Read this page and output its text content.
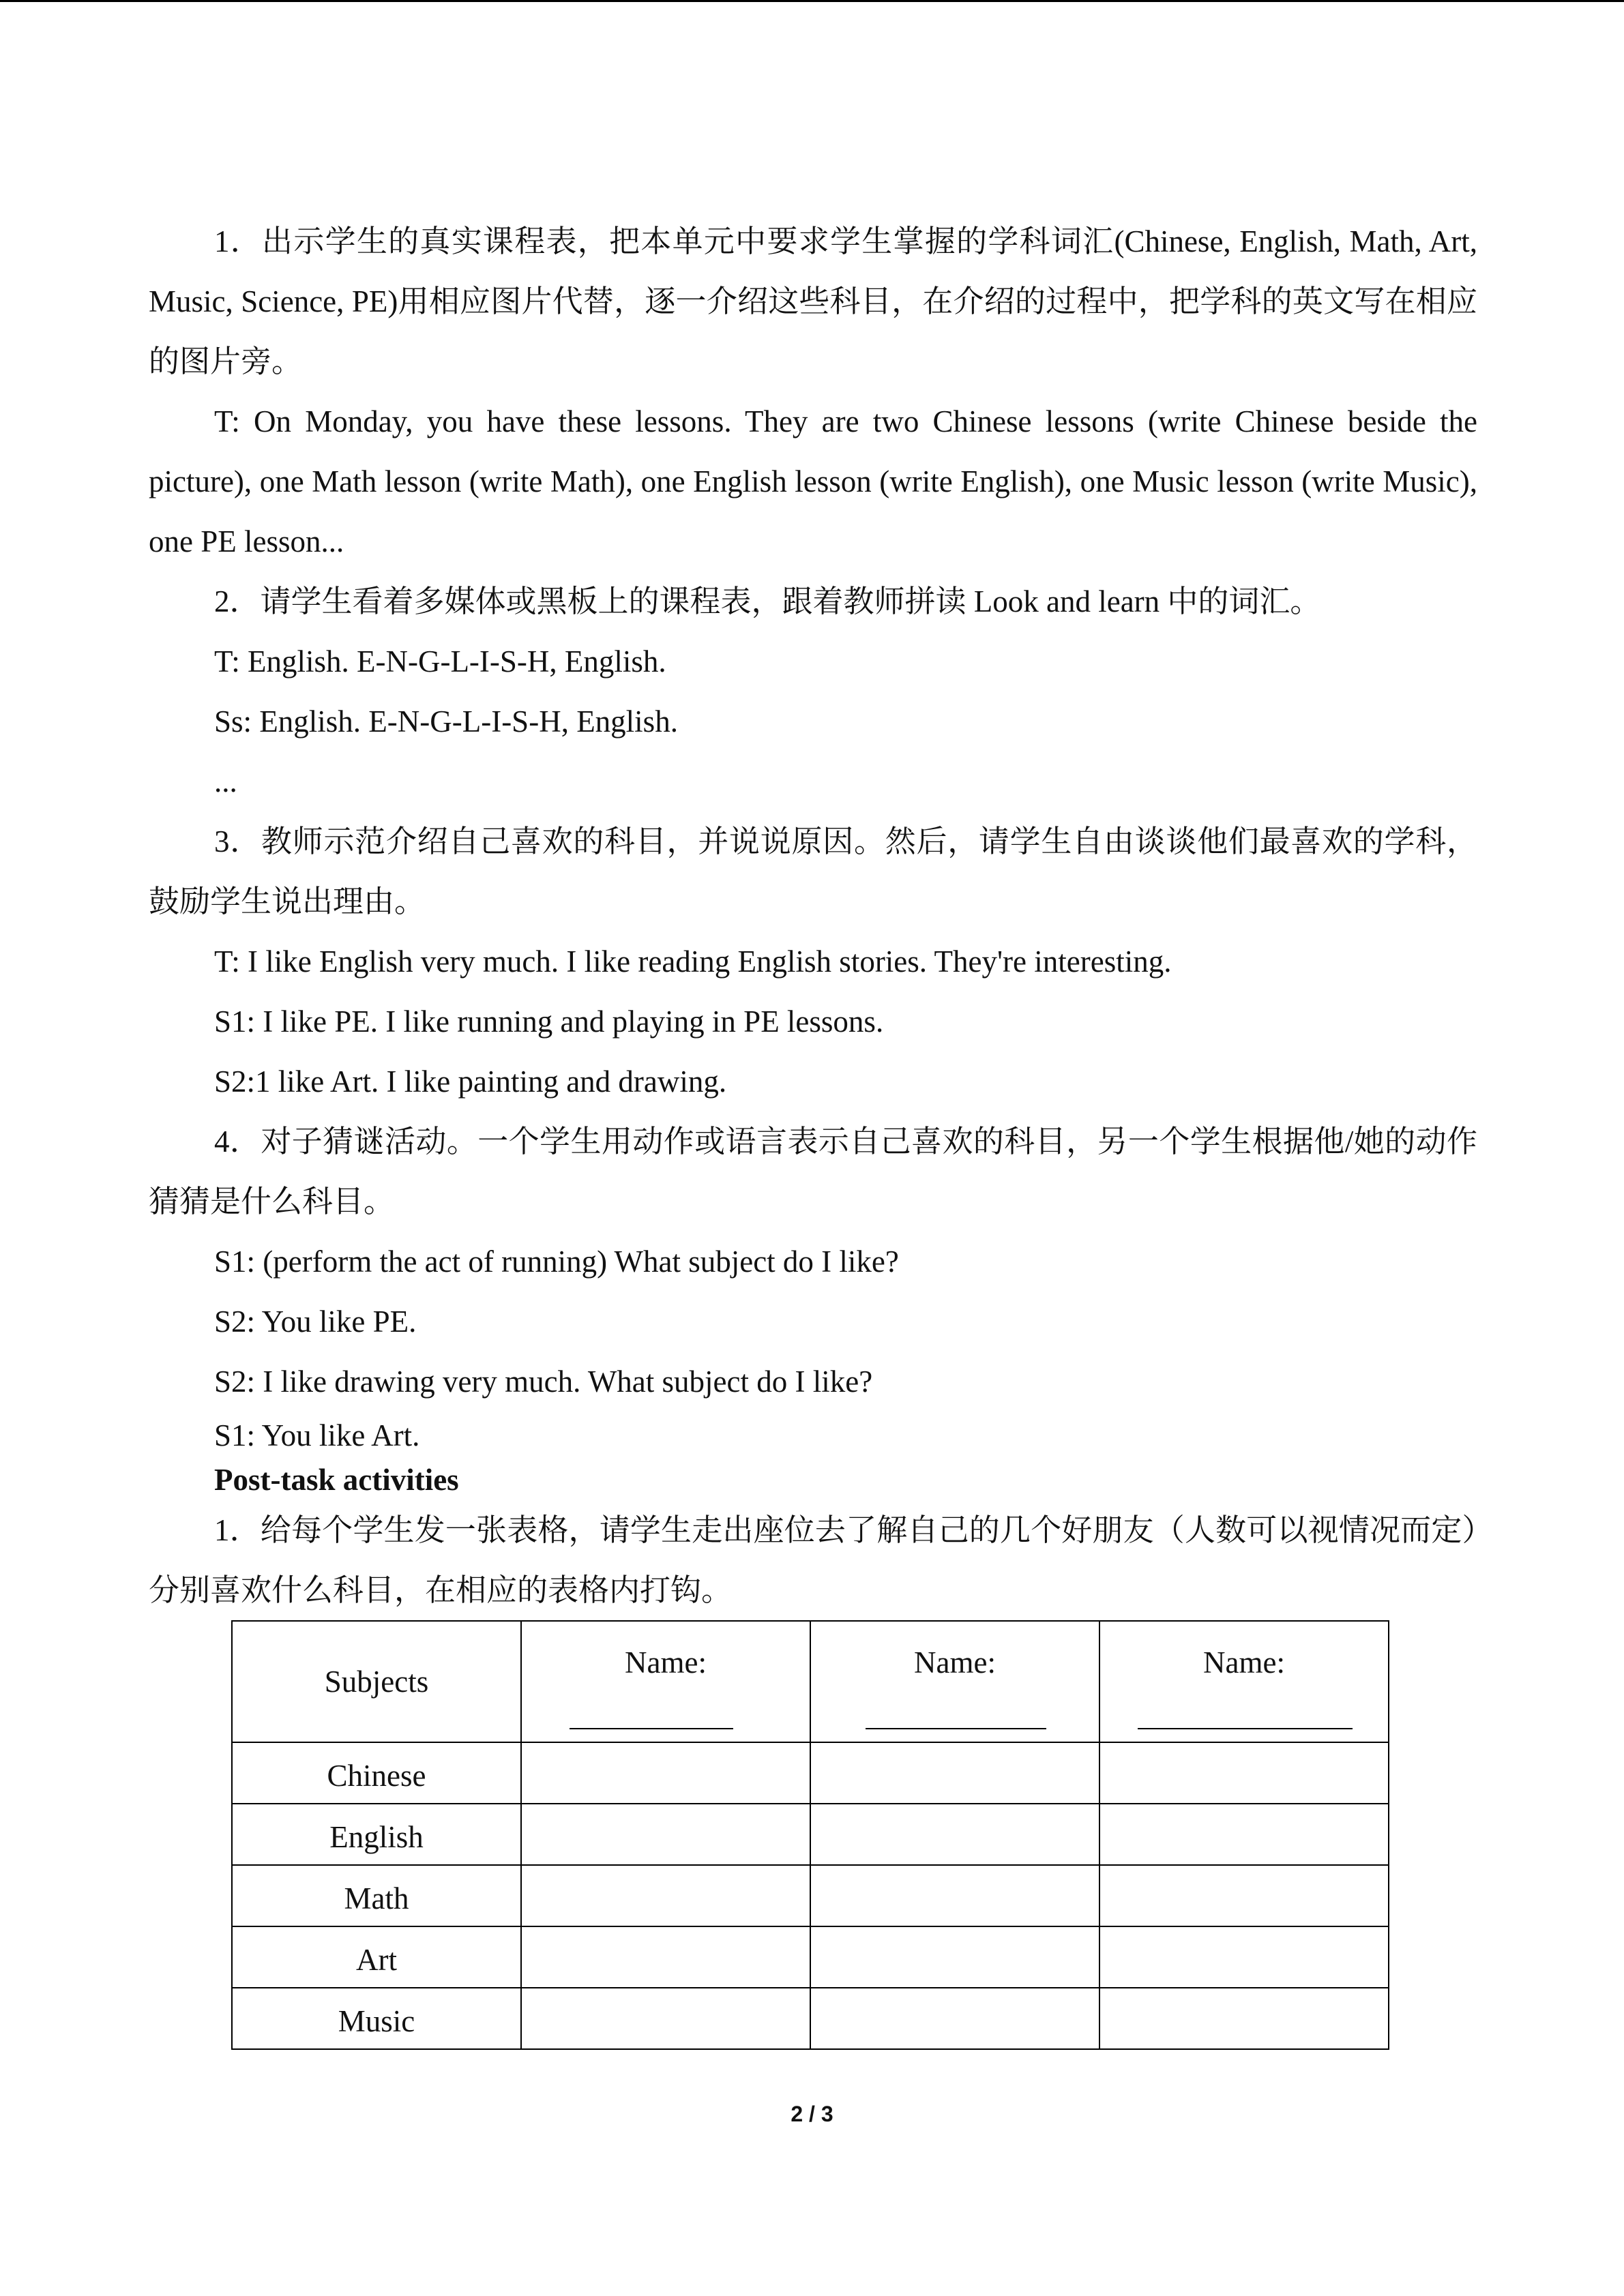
1．出示学生的真实课程表，把本单元中要求学生掌握的学科词汇(Chinese, English, Math, Art, Music, Science, PE)用相应图片代替，逐一介绍这些科目，在介绍的过程中，把学科的英文写在相应的图片旁。

T: On Monday, you have these lessons. They are two Chinese lessons (write Chinese beside the picture), one Math lesson (write Math), one English lesson (write English), one Music lesson (write Music), one PE lesson...

2．请学生看着多媒体或黑板上的课程表，跟着教师拼读 Look and learn 中的词汇。

T: English. E-N-G-L-I-S-H, English.

Ss: English. E-N-G-L-I-S-H, English.

...

3．教师示范介绍自己喜欢的科目，并说说原因。然后，请学生自由谈谈他们最喜欢的学科，鼓励学生说出理由。

T: I like English very much. I like reading English stories. They're interesting.

S1: I like PE. I like running and playing in PE lessons.

S2:1 like Art. I like painting and drawing.

4．对子猜谜活动。一个学生用动作或语言表示自己喜欢的科目，另一个学生根据他/她的动作猜猜是什么科目。

S1: (perform the act of running) What subject do I like?

S2: You like PE.

S2: I like drawing very much. What subject do I like?

S1: You like Art.

Post-task activities

1．给每个学生发一张表格，请学生走出座位去了解自己的几个好朋友（人数可以视情况而定）分别喜欢什么科目，在相应的表格内打钩。

Subjects	Name:	Name:	Name:

Chinese			
English			
Math			
Art			
Music			
2 / 3
